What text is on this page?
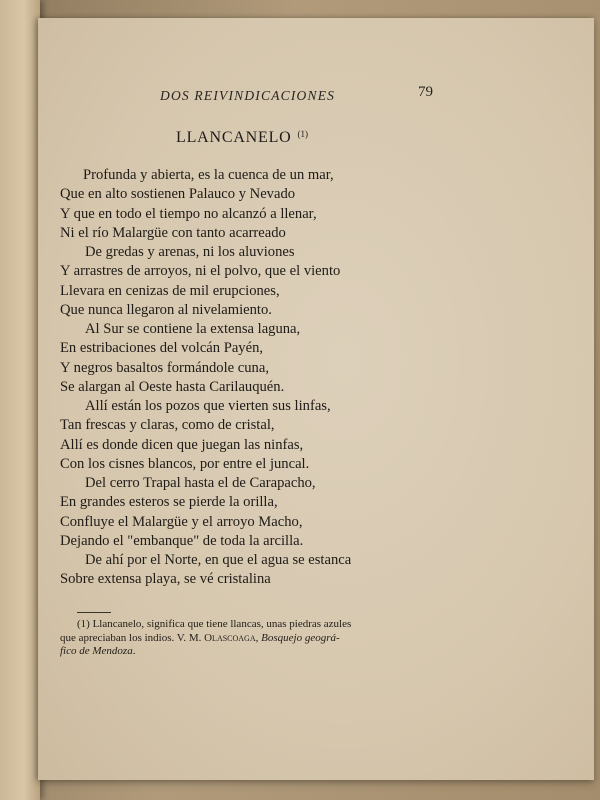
DOS REIVINDICACIONES	79
LLANCANELO $^{(1)}$
Profunda y abierta, es la cuenca de un mar,
Que en alto sostienen Palauco y Nevado
Y que en todo el tiempo no alcanzó a llenar,
Ni el río Malargüe con tanto acarreado
De gredas y arenas, ni los aluviones
Y arrastres de arroyos, ni el polvo, que el viento
Llevara en cenizas de mil erupciones,
Que nunca llegaron al nivelamiento.
Al Sur se contiene la extensa laguna,
En estribaciones del volcán Payén,
Y negros basaltos formándole cuna,
Se alargan al Oeste hasta Carilauquén.
Allí están los pozos que vierten sus linfas,
Tan frescas y claras, como de cristal,
Allí es donde dicen que juegan las ninfas,
Con los cisnes blancos, por entre el juncal.
Del cerro Trapal hasta el de Carapacho,
En grandes esteros se pierde la orilla,
Confluye el Malargüe y el arroyo Macho,
Dejando el "embanque" de toda la arcilla.
De ahí por el Norte, en que el agua se estanca
Sobre extensa playa, se vé cristalina
(1) Llancanelo, significa que tiene llancas, unas piedras azules
que apreciaban los indios. V. M. Olascoaga, Bosquejo geográ-
fico de Mendoza.
